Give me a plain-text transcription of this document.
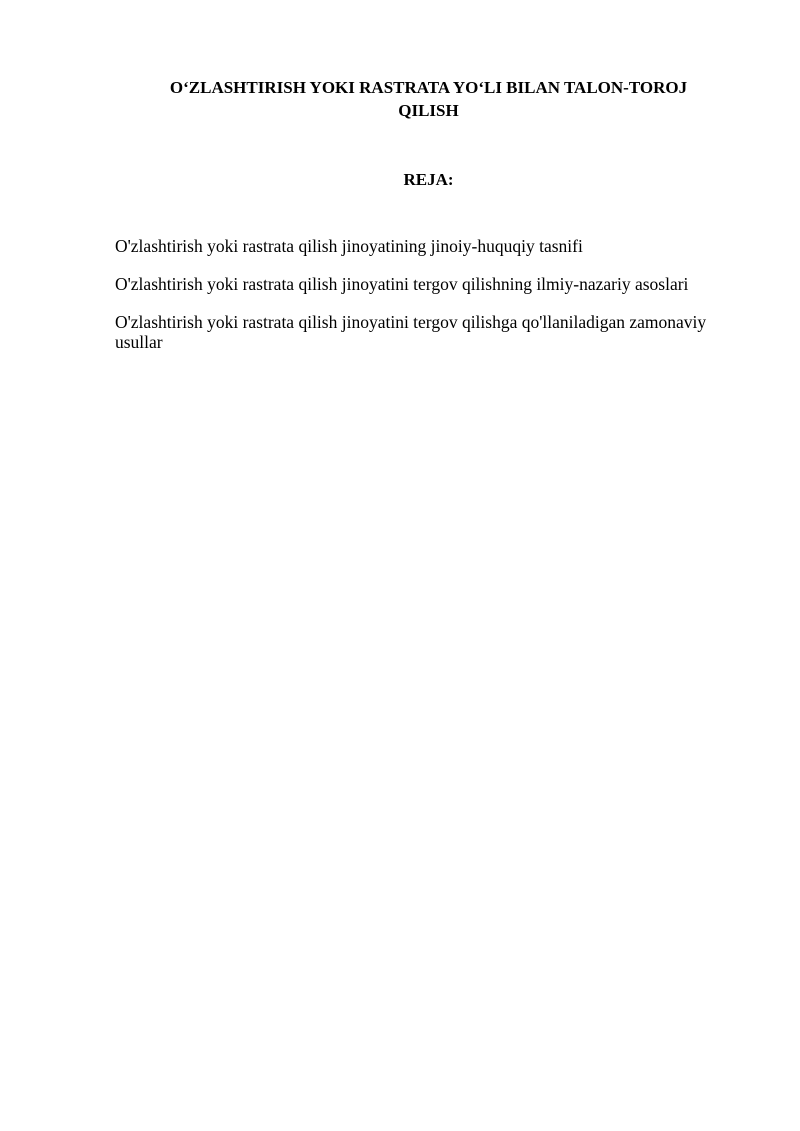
O‘ZLASHTIRISH YOKI RASTRATA YO‘LI BILAN TALON-TOROJ
QILISH
REJA:
O'zlashtirish yoki rastrata qilish jinoyatining jinoiy-huquqiy tasnifi
O'zlashtirish yoki rastrata qilish jinoyatini tergov qilishning ilmiy-nazariy asoslari
O'zlashtirish yoki rastrata qilish jinoyatini tergov qilishga qo'llaniladigan zamonaviy usullar
